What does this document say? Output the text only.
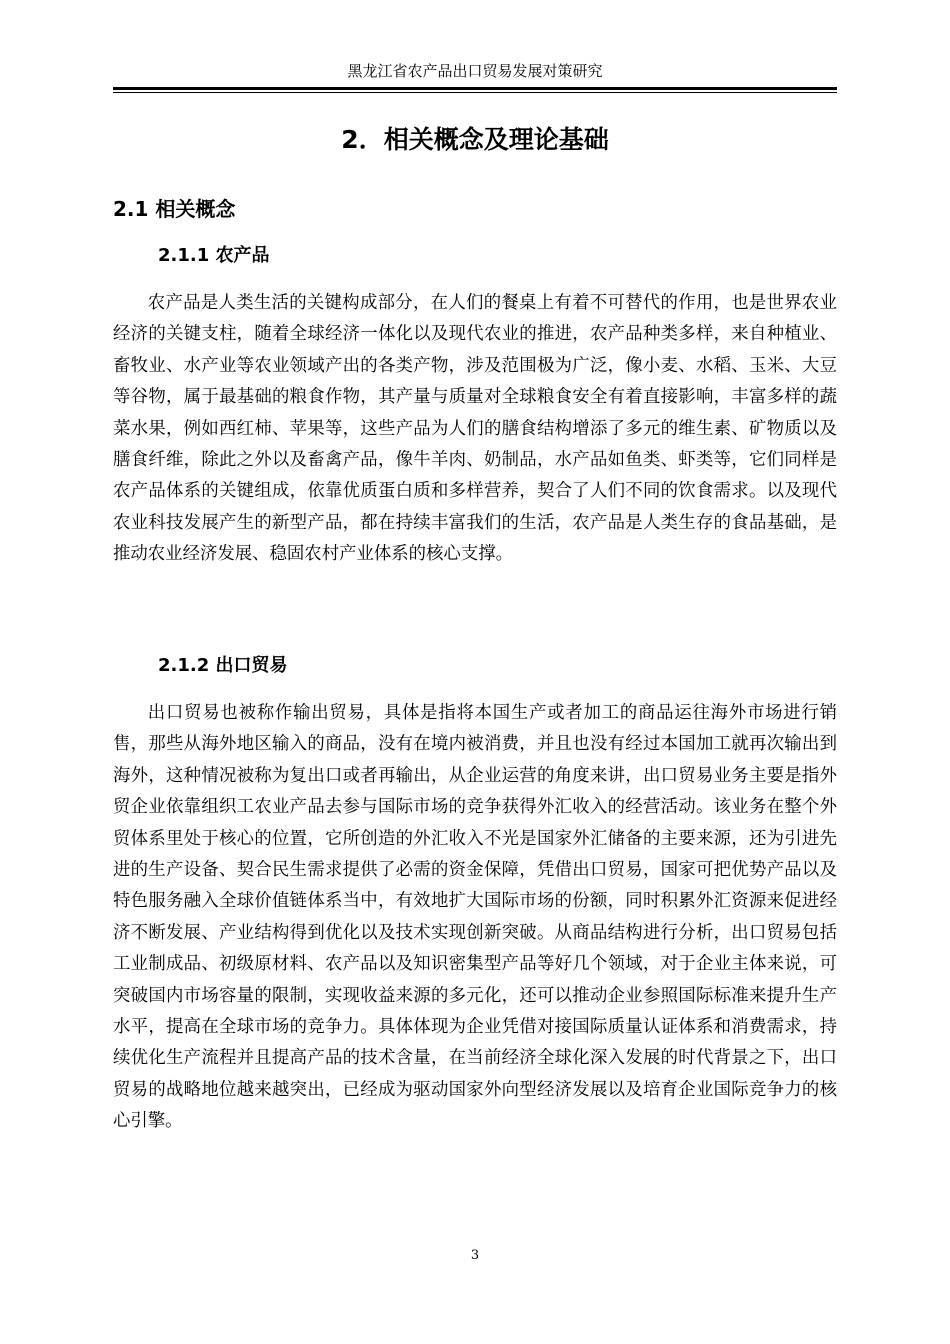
黑龙江省农产品出口贸易发展对策研究
2．相关概念及理论基础
2.1 相关概念
2.1.1 农产品

农产品是人类生活的关键构成部分，在人们的餐桌上有着不可替代的作用，也是世界农业经济的关键支柱，随着全球经济一体化以及现代农业的推进，农产品种类多样，来自种植业、畜牧业、水产业等农业领域产出的各类产物，涉及范围极为广泛，像小麦、水稻、玉米、大豆等谷物，属于最基础的粮食作物，其产量与质量对全球粮食安全有着直接影响，丰富多样的蔬菜水果，例如西红柿、苹果等，这些产品为人们的膳食结构增添了多元的维生素、矿物质以及膳食纤维，除此之外以及畜禽产品，像牛羊肉、奶制品，水产品如鱼类、虾类等，它们同样是农产品体系的关键组成，依靠优质蛋白质和多样营养，契合了人们不同的饮食需求。以及现代农业科技发展产生的新型产品，都在持续丰富我们的生活，农产品是人类生存的食品基础，是推动农业经济发展、稳固农村产业体系的核心支撑。

2.1.2 出口贸易

出口贸易也被称作输出贸易，具体是指将本国生产或者加工的商品运往海外市场进行销售，那些从海外地区输入的商品，没有在境内被消费，并且也没有经过本国加工就再次输出到海外，这种情况被称为复出口或者再输出，从企业运营的角度来讲，出口贸易业务主要是指外贸企业依靠组织工农业产品去参与国际市场的竞争获得外汇收入的经营活动。该业务在整个外贸体系里处于核心的位置，它所创造的外汇收入不光是国家外汇储备的主要来源，还为引进先进的生产设备、契合民生需求提供了必需的资金保障，凭借出口贸易，国家可把优势产品以及特色服务融入全球价值链体系当中，有效地扩大国际市场的份额，同时积累外汇资源来促进经济不断发展、产业结构得到优化以及技术实现创新突破。从商品结构进行分析，出口贸易包括工业制成品、初级原材料、农产品以及知识密集型产品等好几个领域，对于企业主体来说，可突破国内市场容量的限制，实现收益来源的多元化，还可以推动企业参照国际标准来提升生产水平，提高在全球市场的竞争力。具体体现为企业凭借对接国际质量认证体系和消费需求，持续优化生产流程并且提高产品的技术含量，在当前经济全球化深入发展的时代背景之下，出口贸易的战略地位越来越突出，已经成为驱动国家外向型经济发展以及培育企业国际竞争力的核心引擎。

3
